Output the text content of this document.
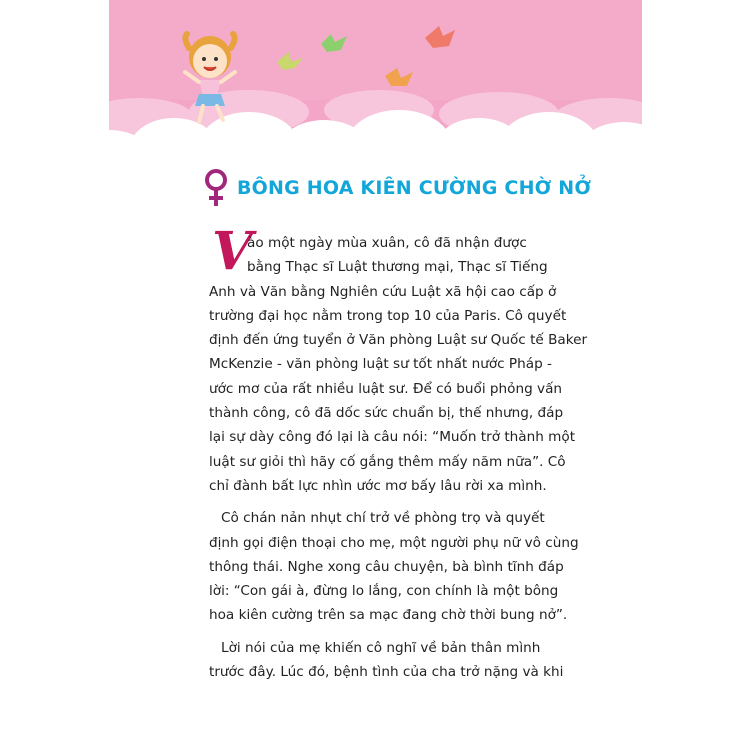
BÔNG HOA KIÊN CƯỜNG CHỜ NỞ
V

ào một ngày mùa xuân, cô đã nhận được
bằng Thạc sĩ Luật thương mại, Thạc sĩ Tiếng
Anh và Văn bằng Nghiên cứu Luật xã hội cao cấp ở
trường đại học nằm trong top 10 của Paris. Cô quyết
định đến ứng tuyển ở Văn phòng Luật sư Quốc tế Baker
McKenzie - văn phòng luật sư tốt nhất nước Pháp -
ước mơ của rất nhiều luật sư. Để có buổi phỏng vấn
thành công, cô đã dốc sức chuẩn bị, thế nhưng, đáp
lại sự dày công đó lại là câu nói: “Muốn trở thành một
luật sư giỏi thì hãy cố gắng thêm mấy năm nữa”. Cô
chỉ đành bất lực nhìn ước mơ bấy lâu rời xa mình.

Cô chán nản nhụt chí trở về phòng trọ và quyết
định gọi điện thoại cho mẹ, một người phụ nữ vô cùng
thông thái. Nghe xong câu chuyện, bà bình tĩnh đáp
lời: “Con gái à, đừng lo lắng, con chính là một bông
hoa kiên cường trên sa mạc đang chờ thời bung nở”.

Lời nói của mẹ khiến cô nghĩ về bản thân mình
trước đây. Lúc đó, bệnh tình của cha trở nặng và khi
